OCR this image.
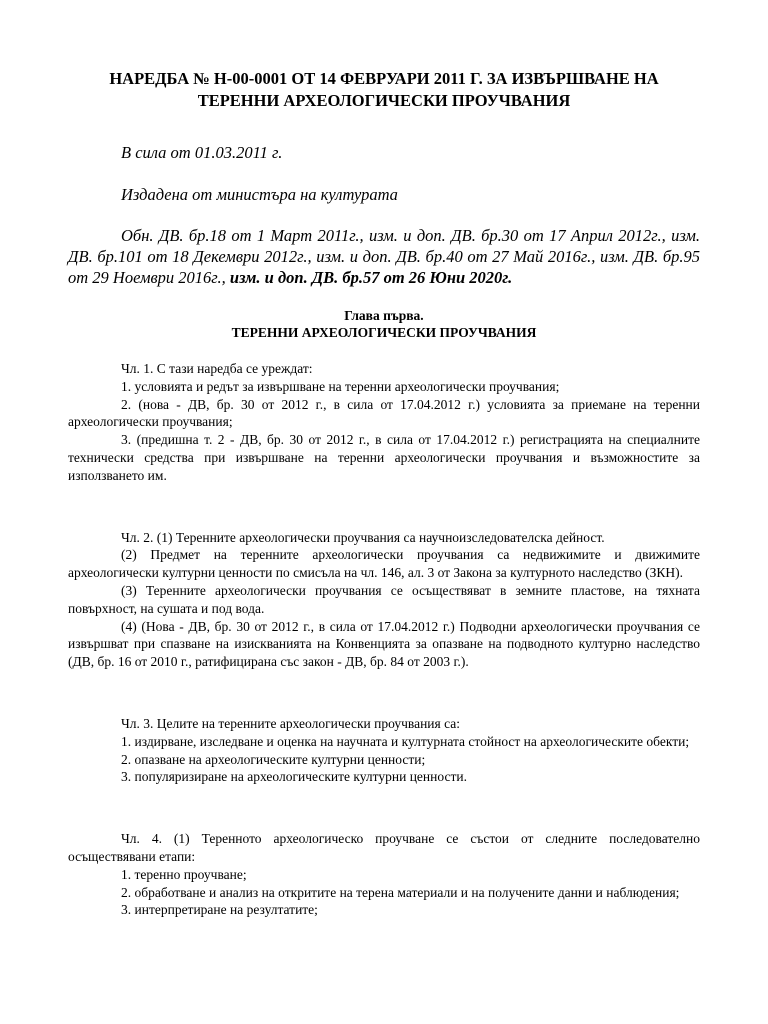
НАРЕДБА № Н-00-0001 ОТ 14 ФЕВРУАРИ 2011 Г. ЗА ИЗВЪРШВАНЕ НА ТЕРЕННИ АРХЕОЛОГИЧЕСКИ ПРОУЧВАНИЯ

В сила от 01.03.2011 г.

Издадена от министъра на културата

Обн. ДВ. бр.18 от 1 Март 2011г., изм. и доп. ДВ. бр.30 от 17 Април 2012г., изм. ДВ. бр.101 от 18 Декември 2012г., изм. и доп. ДВ. бр.40 от 27 Май 2016г., изм. ДВ. бр.95 от 29 Ноември 2016г., изм. и доп. ДВ. бр.57 от 26 Юни 2020г.

Глава първа.
ТЕРЕННИ АРХЕОЛОГИЧЕСКИ ПРОУЧВАНИЯ

Чл. 1. С тази наредба се уреждат:

1. условията и редът за извършване на теренни археологически проучвания;

2. (нова - ДВ, бр. 30 от 2012 г., в сила от 17.04.2012 г.) условията за приемане на теренни археологически проучвания;

3. (предишна т. 2 - ДВ, бр. 30 от 2012 г., в сила от 17.04.2012 г.) регистрацията на специалните технически средства при извършване на теренни археологически проучвания и възможностите за използването им.

Чл. 2. (1) Теренните археологически проучвания са научноизследователска дейност.

(2) Предмет на теренните археологически проучвания са недвижимите и движимите археологически културни ценности по смисъла на чл. 146, ал. 3 от Закона за културното наследство (ЗКН).

(3) Теренните археологически проучвания се осъществяват в земните пластове, на тяхната повърхност, на сушата и под вода.

(4) (Нова - ДВ, бр. 30 от 2012 г., в сила от 17.04.2012 г.) Подводни археологически проучвания се извършват при спазване на изискванията на Конвенцията за опазване на подводното културно наследство (ДВ, бр. 16 от 2010 г., ратифицирана със закон - ДВ, бр. 84 от 2003 г.).

Чл. 3. Целите на теренните археологически проучвания са:

1. издирване, изследване и оценка на научната и културната стойност на археологическите обекти;

2. опазване на археологическите културни ценности;

3. популяризиране на археологическите културни ценности.

Чл. 4. (1) Теренното археологическо проучване се състои от следните последователно осъществявани етапи:

1. теренно проучване;

2. обработване и анализ на откритите на терена материали и на получените данни и наблюдения;

3. интерпретиране на резултатите;
